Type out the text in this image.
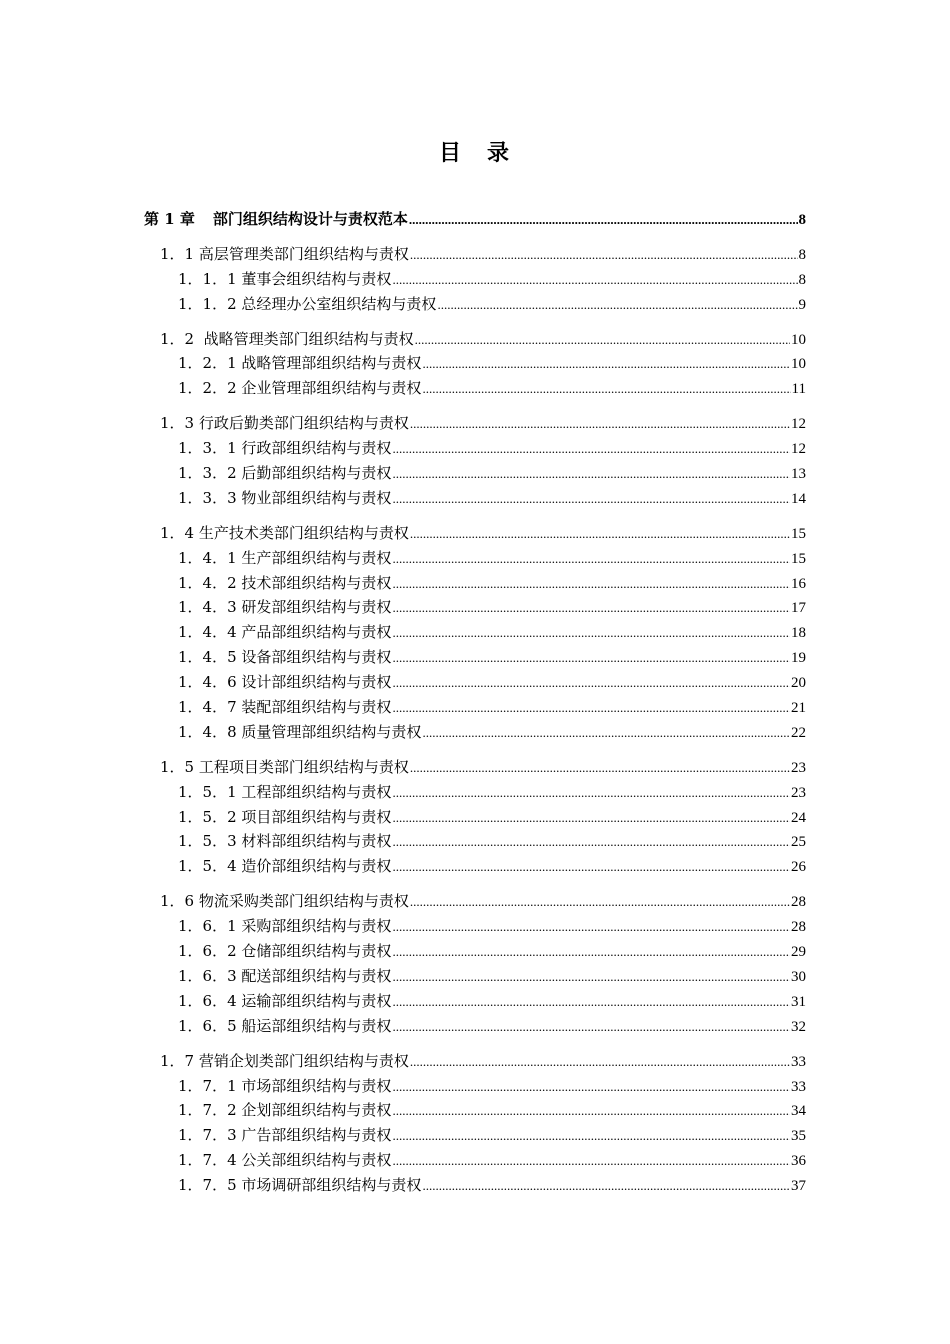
目　录
第 1 章 部门组织结构设计与责权范本 .....	8
1．1 高层管理类部门组织结构与责权 .....	8
1．1．1 董事会组织结构与责权 .....	8
1．1．2 总经理办公室组织结构与责权 .....	9
1．2  战略管理类部门组织结构与责权 .....	10
1．2．1 战略管理部组织结构与责权 .....	10
1．2．2 企业管理部组织结构与责权 .....	11
1．3 行政后勤类部门组织结构与责权 .....	12
1．3．1 行政部组织结构与责权 .....	12
1．3．2 后勤部组织结构与责权 .....	13
1．3．3 物业部组织结构与责权 .....	14
1．4 生产技术类部门组织结构与责权 .....	15
1．4．1 生产部组织结构与责权 .....	15
1．4．2 技术部组织结构与责权 .....	16
1．4．3 研发部组织结构与责权 .....	17
1．4．4 产品部组织结构与责权 .....	18
1．4．5 设备部组织结构与责权 .....	19
1．4．6 设计部组织结构与责权 .....	20
1．4．7 装配部组织结构与责权 .....	21
1．4．8 质量管理部组织结构与责权 .....	22
1．5 工程项目类部门组织结构与责权 .....	23
1．5．1 工程部组织结构与责权 .....	23
1．5．2 项目部组织结构与责权 .....	24
1．5．3 材料部组织结构与责权 .....	25
1．5．4 造价部组织结构与责权 .....	26
1．6 物流采购类部门组织结构与责权 .....	28
1．6．1 采购部组织结构与责权 .....	28
1．6．2 仓储部组织结构与责权 .....	29
1．6．3 配送部组织结构与责权 .....	30
1．6．4 运输部组织结构与责权 .....	31
1．6．5 船运部组织结构与责权 .....	32
1．7 营销企划类部门组织结构与责权 .....	33
1．7．1 市场部组织结构与责权 .....	33
1．7．2 企划部组织结构与责权 .....	34
1．7．3 广告部组织结构与责权 .....	35
1．7．4 公关部组织结构与责权 .....	36
1．7．5 市场调研部组织结构与责权 .....	37
